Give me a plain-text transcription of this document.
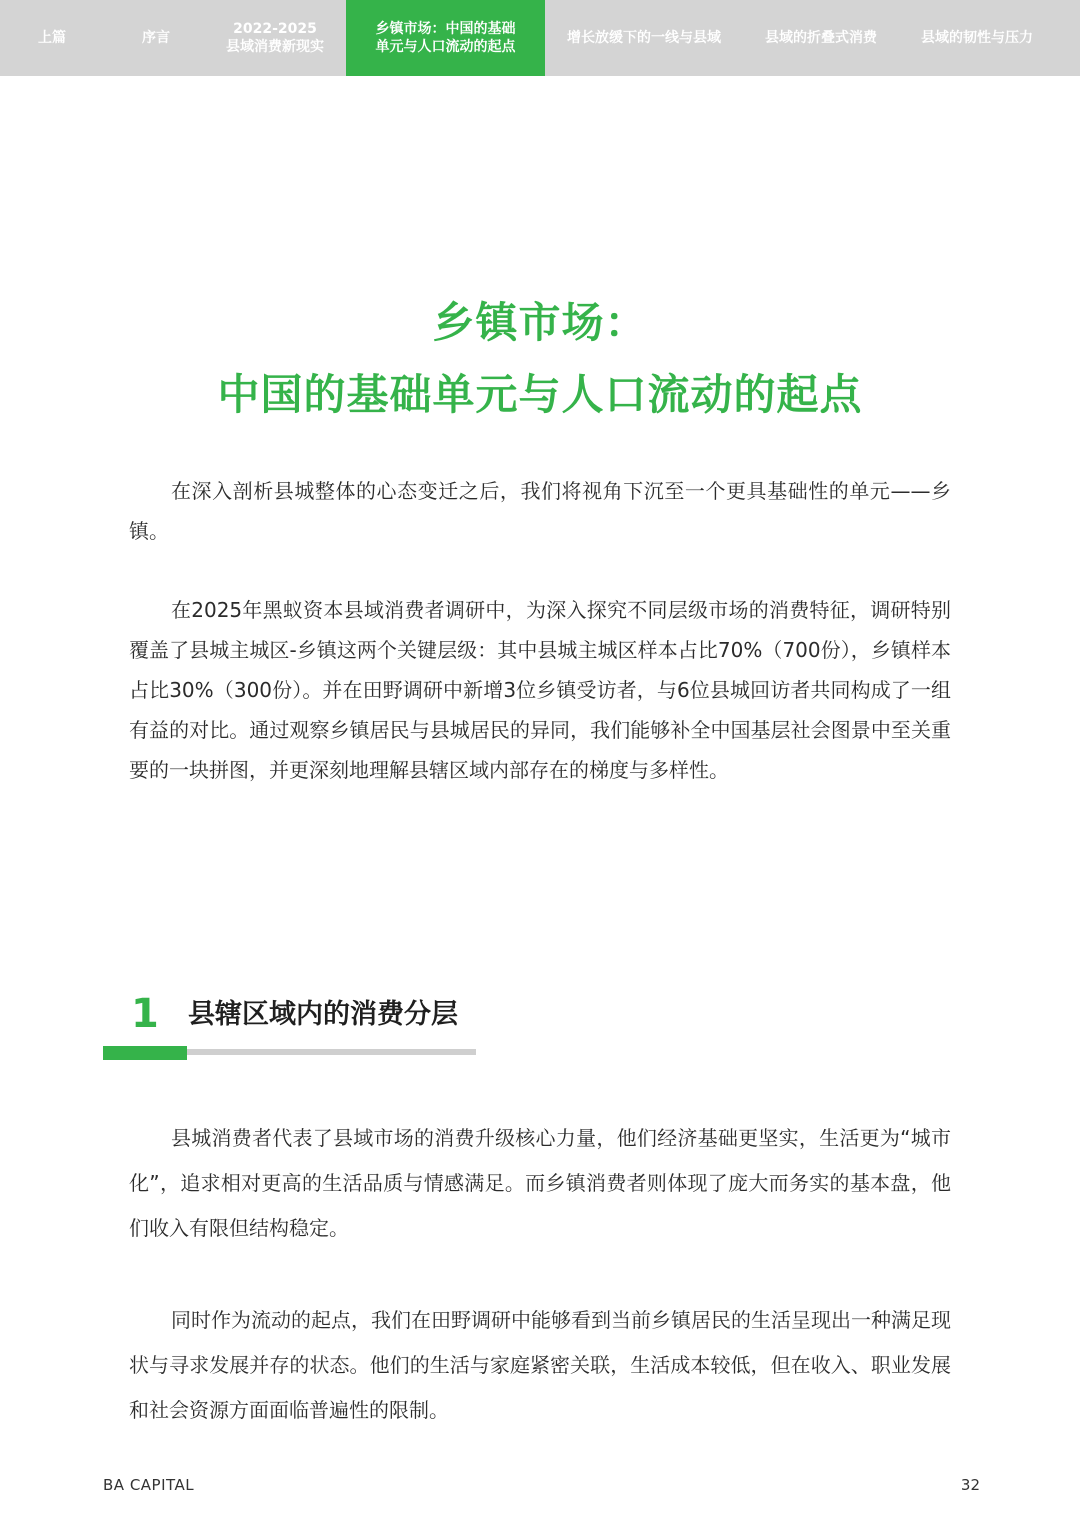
上篇	序言
2022-2025
县域消费新现实
乡镇市场：中国的基础
单元与人口流动的起点
增长放缓下的一线与县域	县域的折叠式消费	县域的韧性与压力
乡镇市场：
中国的基础单元与人口流动的起点

在深入剖析县城整体的心态变迁之后，我们将视角下沉至一个更具基础性的单元——乡镇。

在2025年黑蚁资本县域消费者调研中，为深入探究不同层级市场的消费特征，调研特别覆盖了县城主城区-乡镇这两个关键层级：其中县城主城区样本占比70%（700份），乡镇样本占比30%（300份）。并在田野调研中新增3位乡镇受访者，与6位县城回访者共同构成了一组有益的对比。通过观察乡镇居民与县城居民的异同，我们能够补全中国基层社会图景中至关重要的一块拼图，并更深刻地理解县辖区域内部存在的梯度与多样性。

1 县辖区域内的消费分层

县城消费者代表了县域市场的消费升级核心力量，他们经济基础更坚实，生活更为“城市化”，追求相对更高的生活品质与情感满足。而乡镇消费者则体现了庞大而务实的基本盘，他们收入有限但结构稳定。

同时作为流动的起点，我们在田野调研中能够看到当前乡镇居民的生活呈现出一种满足现状与寻求发展并存的状态。他们的生活与家庭紧密关联，生活成本较低，但在收入、职业发展和社会资源方面面临普遍性的限制。

BA CAPITAL	32
